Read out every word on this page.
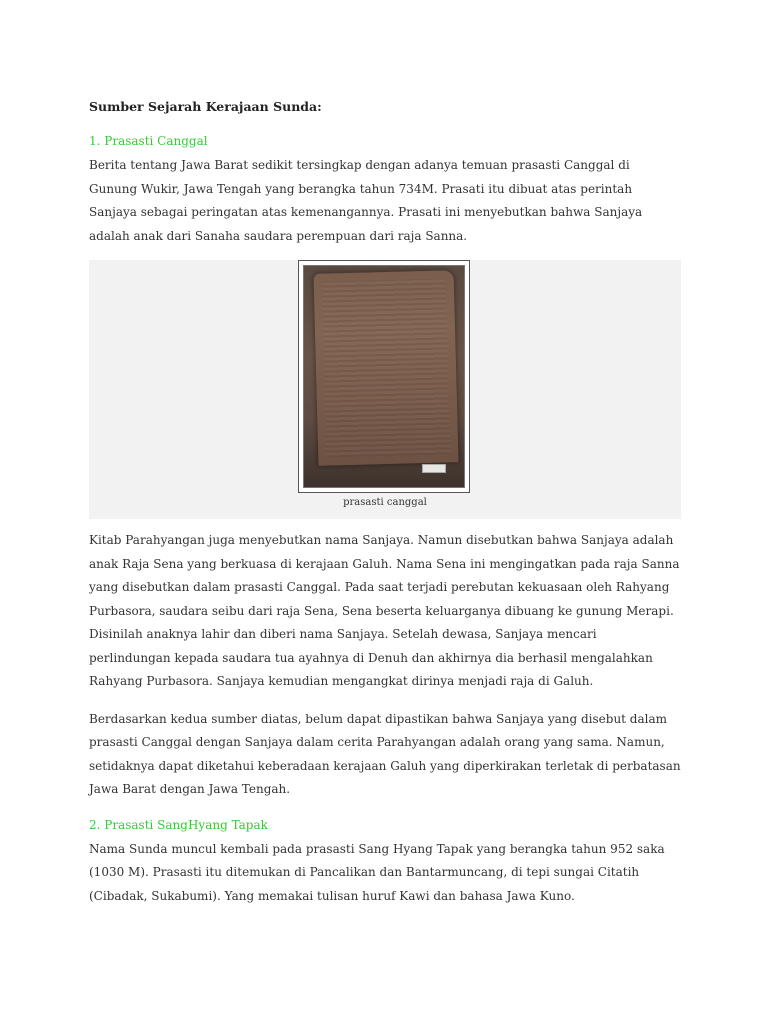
Sumber Sejarah Kerajaan Sunda:
1. Prasasti Canggal

Berita tentang Jawa Barat sedikit tersingkap dengan adanya temuan prasasti Canggal di Gunung Wukir, Jawa Tengah yang berangka tahun 734M. Prasati itu dibuat atas perintah Sanjaya sebagai peringatan atas kemenangannya. Prasati ini menyebutkan bahwa Sanjaya adalah anak dari Sanaha saudara perempuan dari raja Sanna.

prasasti canggal

Kitab Parahyangan juga menyebutkan nama Sanjaya. Namun disebutkan bahwa Sanjaya adalah anak Raja Sena yang berkuasa di kerajaan Galuh. Nama Sena ini mengingatkan pada raja Sanna yang disebutkan dalam prasasti Canggal. Pada saat terjadi perebutan kekuasaan oleh Rahyang Purbasora, saudara seibu dari raja Sena, Sena beserta keluarganya dibuang ke gunung Merapi. Disinilah anaknya lahir dan diberi nama Sanjaya. Setelah dewasa, Sanjaya mencari perlindungan kepada saudara tua ayahnya di Denuh dan akhirnya dia berhasil mengalahkan Rahyang Purbasora. Sanjaya kemudian mengangkat dirinya menjadi raja di Galuh.

Berdasarkan kedua sumber diatas, belum dapat dipastikan bahwa Sanjaya yang disebut dalam prasasti Canggal dengan Sanjaya dalam cerita Parahyangan adalah orang yang sama. Namun, setidaknya dapat diketahui keberadaan kerajaan Galuh yang diperkirakan terletak di perbatasan Jawa Barat dengan Jawa Tengah.

2. Prasasti SangHyang Tapak

Nama Sunda muncul kembali pada prasasti Sang Hyang Tapak yang berangka tahun 952 saka (1030 M). Prasasti itu ditemukan di Pancalikan dan Bantarmuncang, di tepi sungai Citatih (Cibadak, Sukabumi). Yang memakai tulisan huruf Kawi dan bahasa Jawa Kuno.
